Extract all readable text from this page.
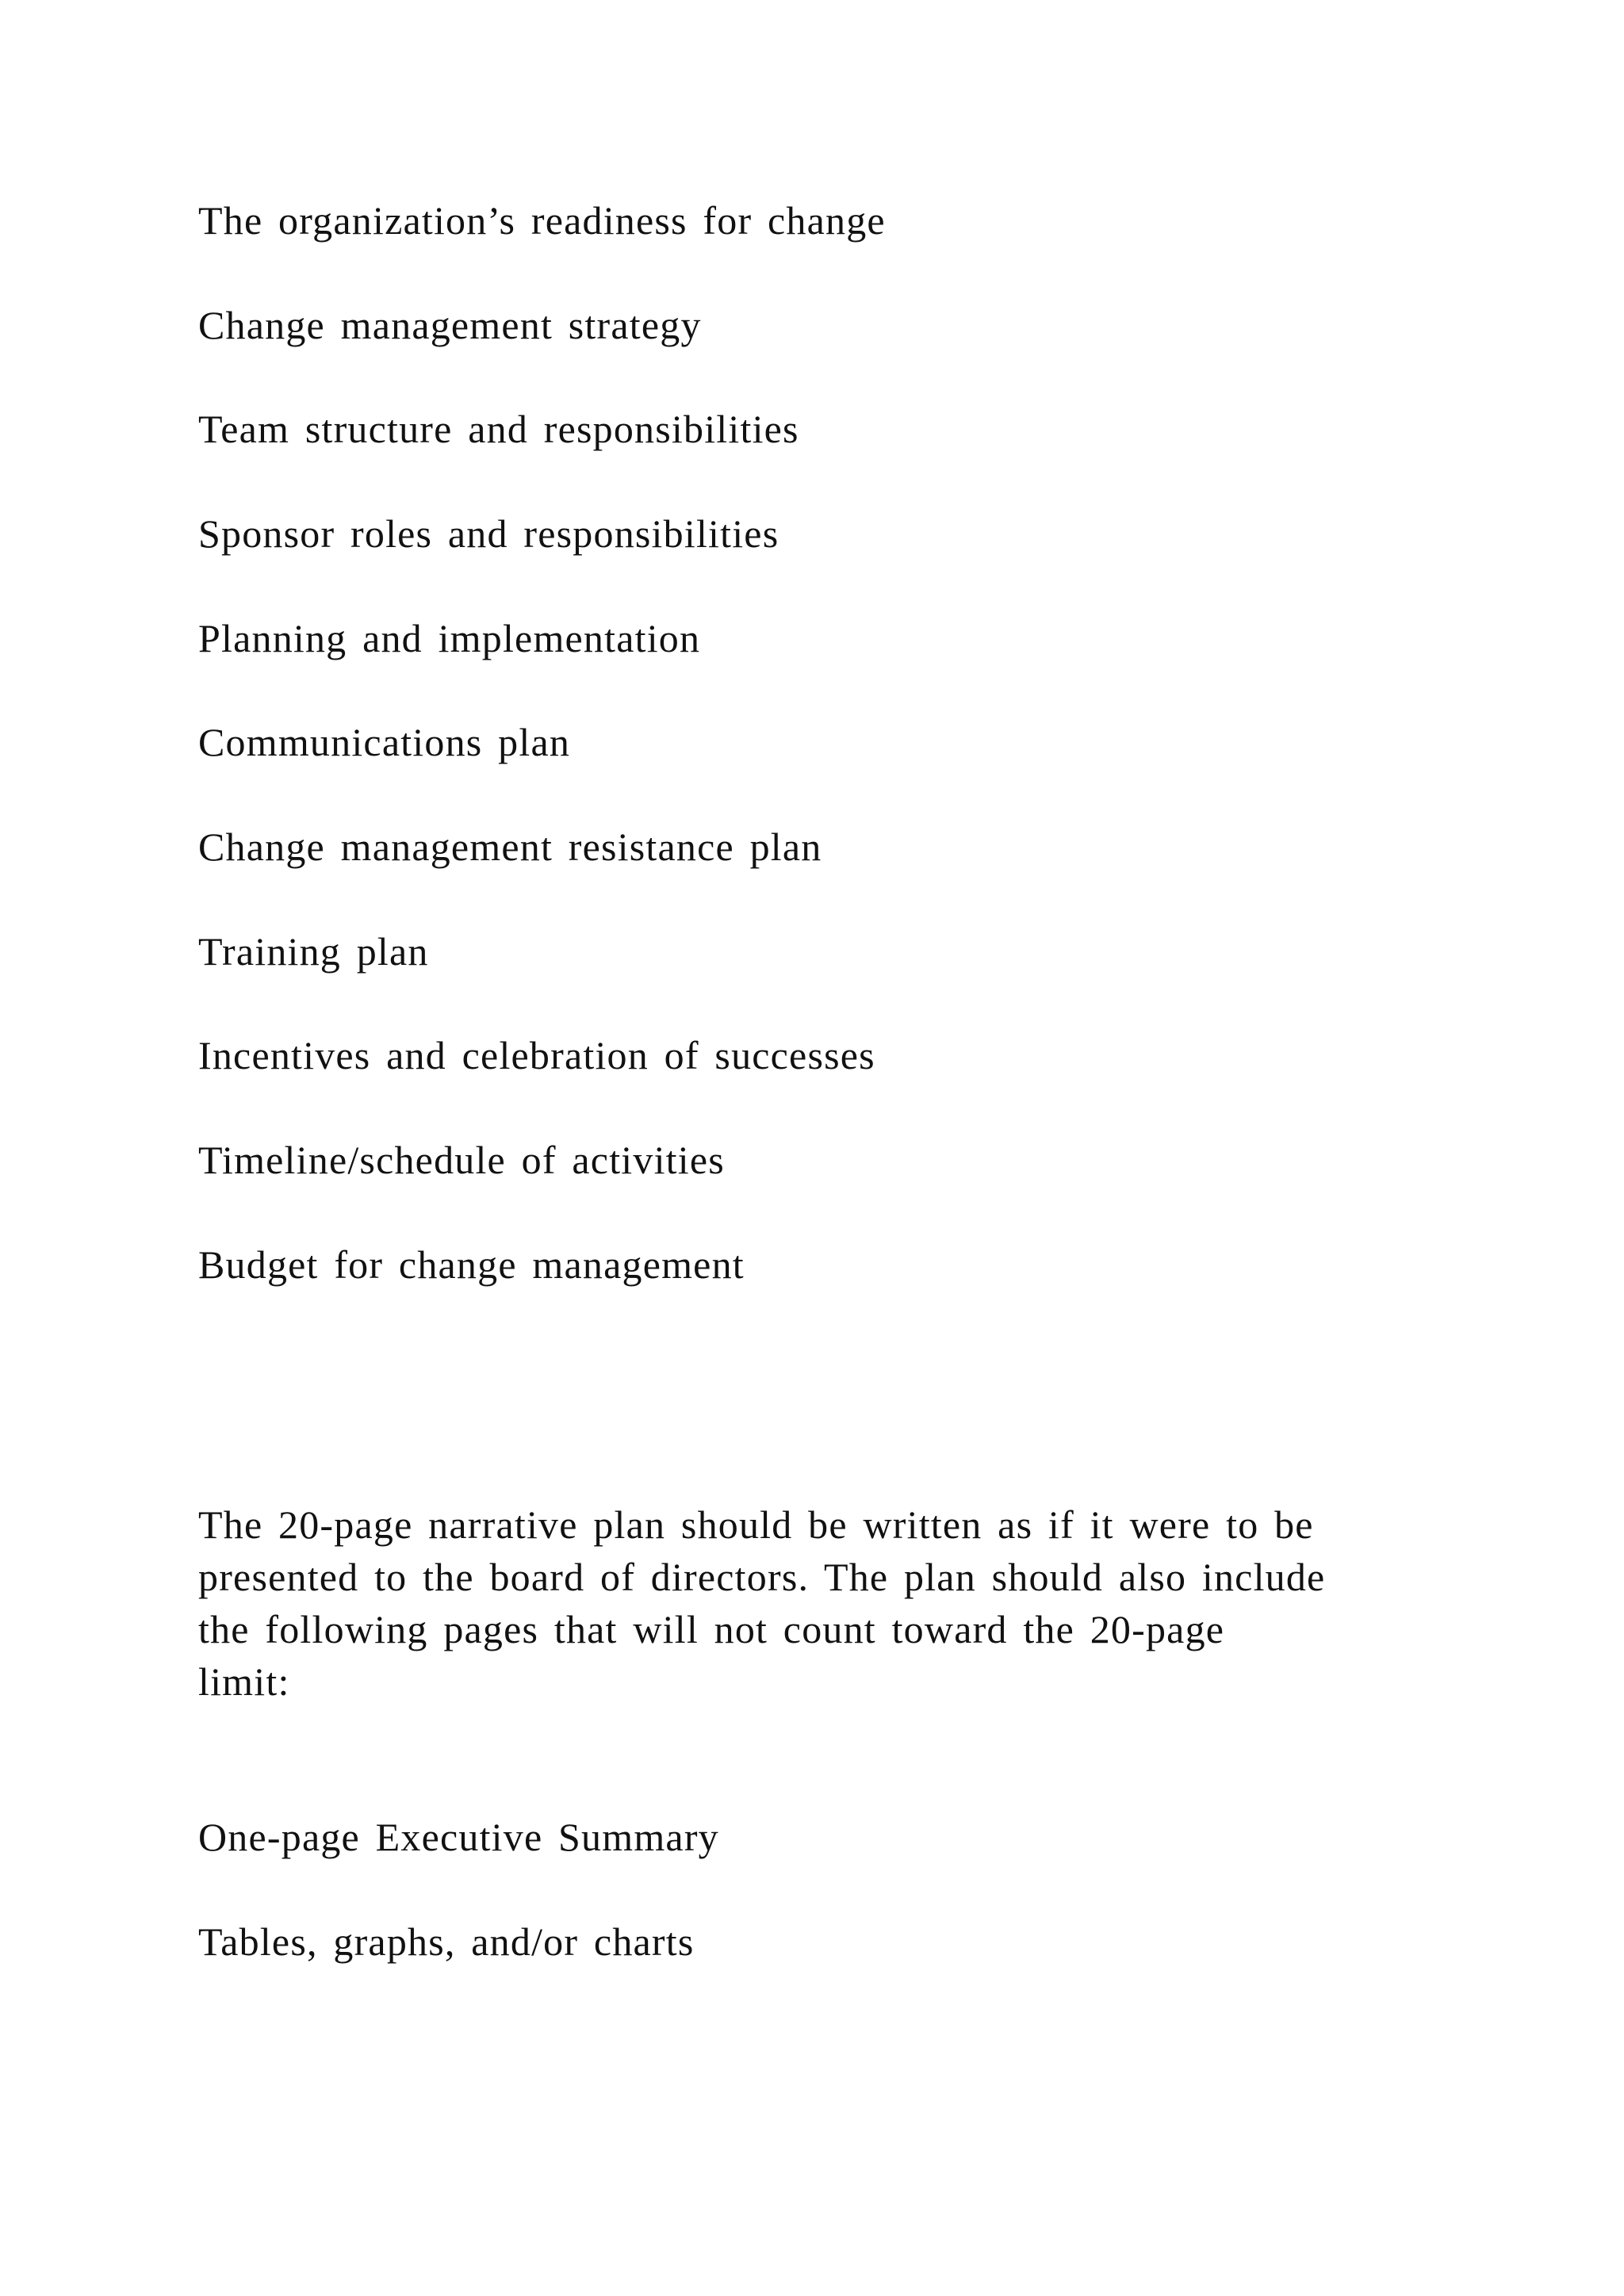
The organization’s readiness for change
Change management strategy
Team structure and responsibilities
Sponsor roles and responsibilities
Planning and implementation
Communications plan
Change management resistance plan
Training plan
Incentives and celebration of successes
Timeline/schedule of activities
Budget for change management
The 20-page narrative plan should be written as if it were to be
presented to the board of directors. The plan should also include
the following pages that will not count toward the 20-page
limit:
One-page Executive Summary
Tables, graphs, and/or charts
